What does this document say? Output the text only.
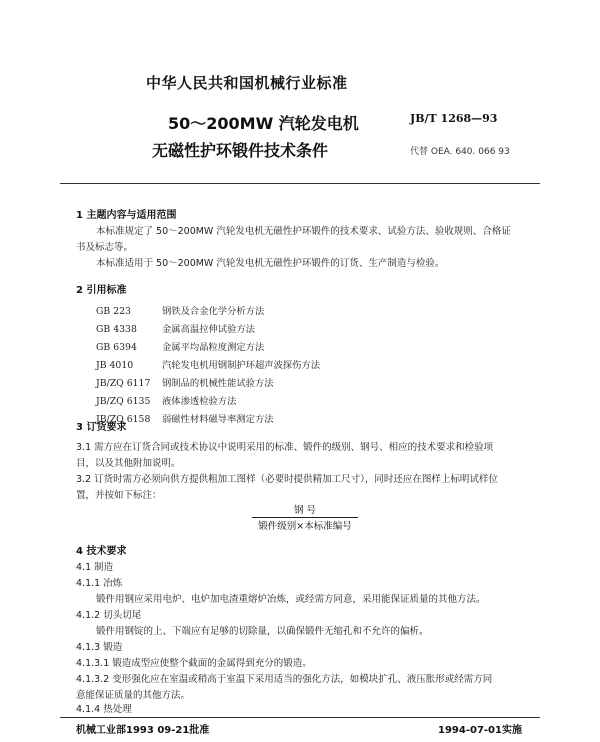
中华人民共和国机械行业标准
50～200MW 汽轮发电机
无磁性护环锻件技术条件
JB/T 1268—93
代替 OEA. 640. 066 93
1 主题内容与适用范围
本标准规定了 50～200MW 汽轮发电机无磁性护环锻件的技术要求、试验方法、验收规则、合格证
书及标志等。
本标准适用于 50～200MW 汽轮发电机无磁性护环锻件的订货、生产制造与检验。
2 引用标准
GB 223	钢铁及合金化学分析方法
GB 4338	金属高温拉伸试验方法
GB 6394	金属平均晶粒度测定方法
JB 4010	汽轮发电机用钢制护环超声波探伤方法
JB/ZQ 6117 钢制品的机械性能试验方法
JB/ZQ 6135 液体渗透检验方法
JB/ZQ 6158 弱磁性材料磁导率测定方法
3 订货要求
3.1 需方应在订货合同或技术协议中说明采用的标准、锻件的级别、钢号、相应的技术要求和检验项
目，以及其他附加说明。
3.2 订货时需方必须向供方提供粗加工图样（必要时提供精加工尺寸），同时还应在图样上标明试样位
置，并按如下标注：
钢 号
锻件级别×本标准编号
4 技术要求
4.1 制造
4.1.1 冶炼
锻件用钢应采用电炉、电炉加电渣重熔炉冶炼，或经需方同意，采用能保证质量的其他方法。
4.1.2 切头切尾
锻件用钢锭的上、下端应有足够的切除量，以确保锻件无缩孔和不允许的偏析。
4.1.3 锻造
4.1.3.1 锻造成型应使整个截面的金属得到充分的锻造。
4.1.3.2 变形强化应在室温或稍高于室温下采用适当的强化方法，如模块扩孔、液压胀形或经需方同
意能保证质量的其他方法。
4.1.4 热处理
机械工业部1993 09-21批准	1994-07-01实施
